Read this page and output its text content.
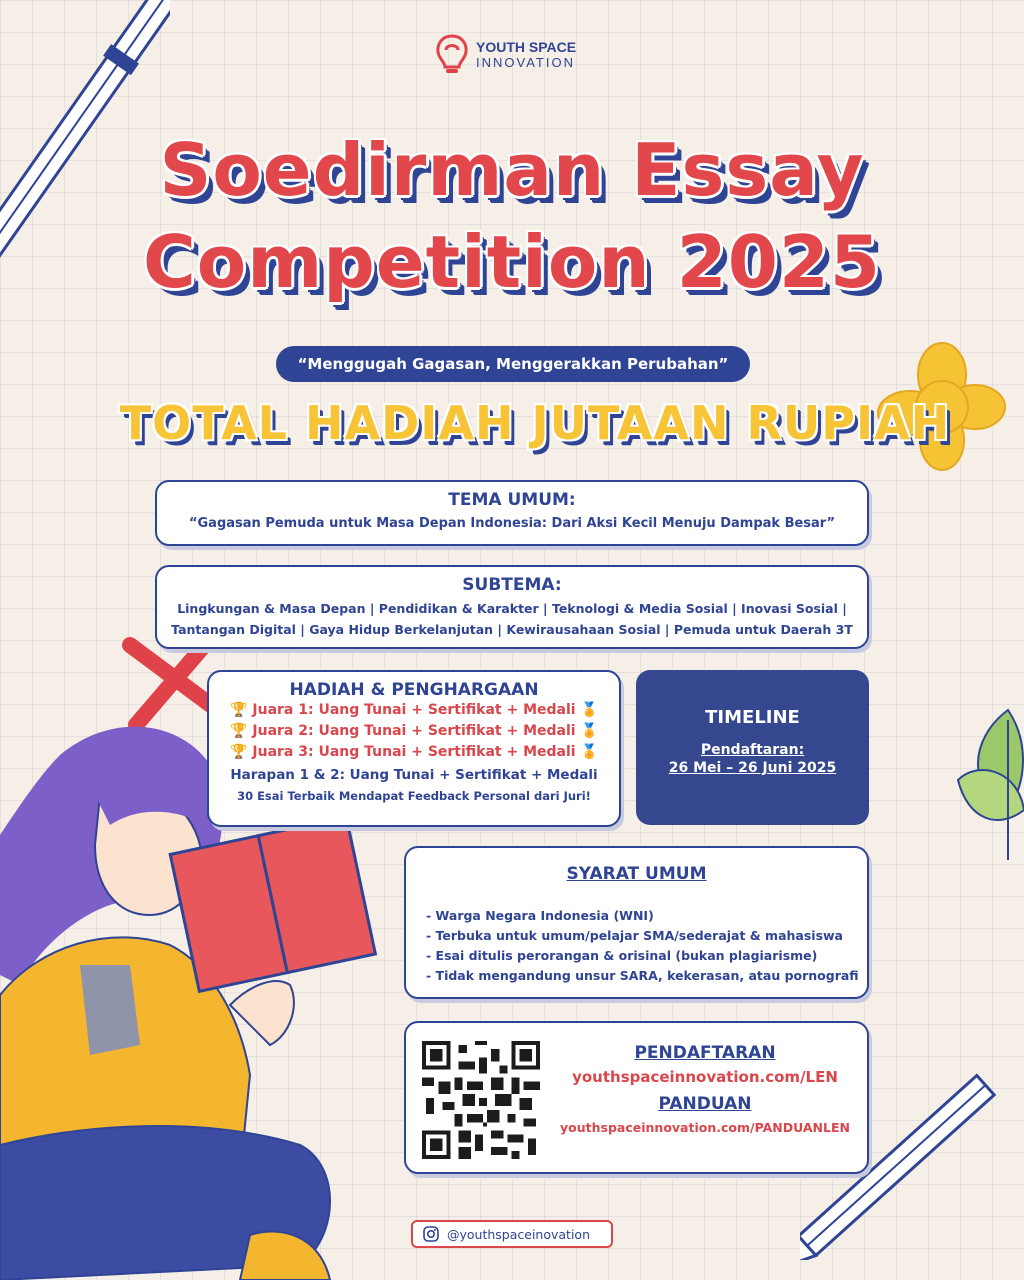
YOUTH SPACE
INNOVATION
Soedirman Essay
Competition 2025
“Menggugah Gagasan, Menggerakkan Perubahan”
TOTAL HADIAH JUTAAN RUPIAH
TEMA UMUM:
“Gagasan Pemuda untuk Masa Depan Indonesia: Dari Aksi Kecil Menuju Dampak Besar”
SUBTEMA:
Lingkungan & Masa Depan | Pendidikan & Karakter | Teknologi & Media Sosial | Inovasi Sosial |
Tantangan Digital | Gaya Hidup Berkelanjutan | Kewirausahaan Sosial | Pemuda untuk Daerah 3T
HADIAH & PENGHARGAAN
🏆 Juara 1: Uang Tunai + Sertifikat + Medali 🏅
🏆 Juara 2: Uang Tunai + Sertifikat + Medali 🏅
🏆 Juara 3: Uang Tunai + Sertifikat + Medali 🏅
Harapan 1 & 2: Uang Tunai + Sertifikat + Medali
30 Esai Terbaik Mendapat Feedback Personal dari Juri!
TIMELINE
Pendaftaran:
26 Mei – 26 Juni 2025
SYARAT UMUM
- Warga Negara Indonesia (WNI)
- Terbuka untuk umum/pelajar SMA/sederajat & mahasiswa
- Esai ditulis perorangan & orisinal (bukan plagiarisme)
- Tidak mengandung unsur SARA, kekerasan, atau pornografi
PENDAFTARAN
youthspaceinnovation.com/LEN
PANDUAN
youthspaceinnovation.com/PANDUANLEN
@youthspaceinovation
